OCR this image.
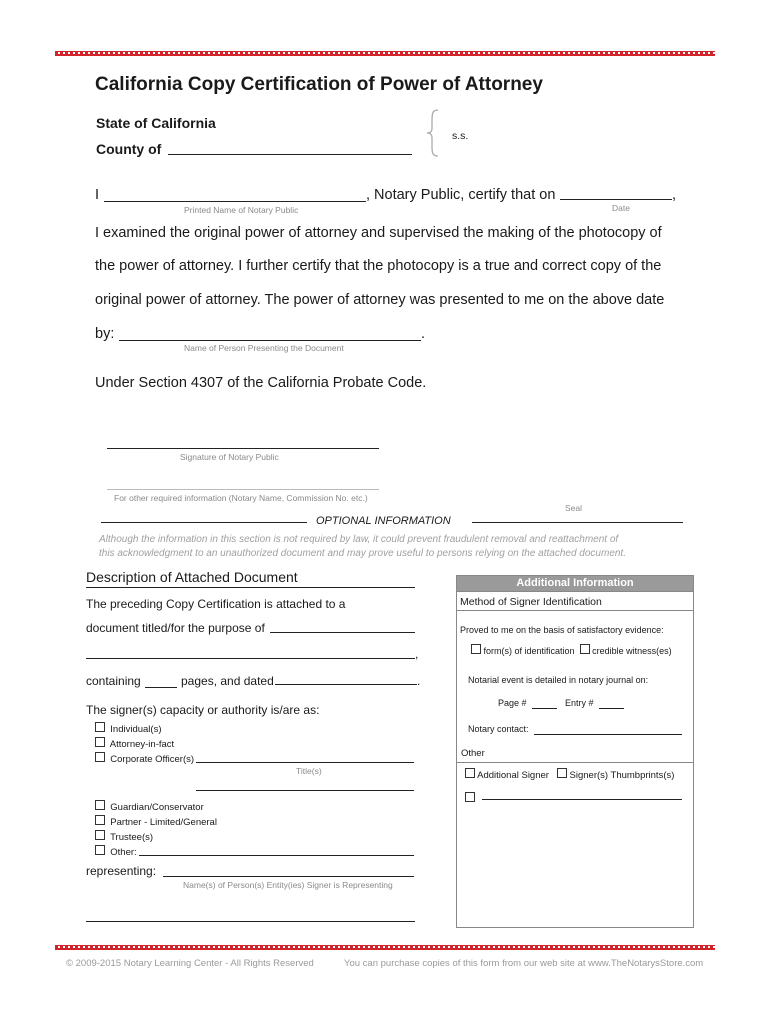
California Copy Certification of Power of Attorney
State of California
County of
s.s.
I	, Notary Public, certify that on	,
Printed Name of Notary Public	Date
I examined the original power of attorney and supervised the making of the photocopy of
the power of attorney. I further certify that the photocopy is a true and correct copy of the
original power of attorney. The power of attorney was presented to me on the above date
by:	.
Name of Person Presenting the Document
Under Section 4307 of the California Probate Code.
Signature of Notary Public
For other required information (Notary Name, Commission No. etc.)
Seal
OPTIONAL INFORMATION
Although the information in this section is not required by law, it could prevent fraudulent removal and reattachment of
this acknowledgment to an unauthorized document and may prove useful to persons relying on the attached document.
Description of Attached Document
The preceding Copy Certification is attached to a
document titled/for the purpose of
,
containing	pages, and dated	.
The signer(s) capacity or authority is/are as:
Individual(s)
Attorney-in-fact
Corporate Officer(s)
Title(s)
Guardian/Conservator
Partner - Limited/General
Trustee(s)
Other:
representing:
Name(s) of Person(s) Entity(ies) Signer is Representing
Additional Information
Method of Signer Identification
Proved to me on the basis of satisfactory evidence:
form(s) of identification credible witness(es)
Notarial event is detailed in notary journal on:
Page #	Entry #
Notary contact:
Other
Additional Signer Signer(s) Thumbprints(s)
© 2009-2015 Notary Learning Center - All Rights Reserved	You can purchase copies of this form from our web site at www.TheNotarysStore.com
